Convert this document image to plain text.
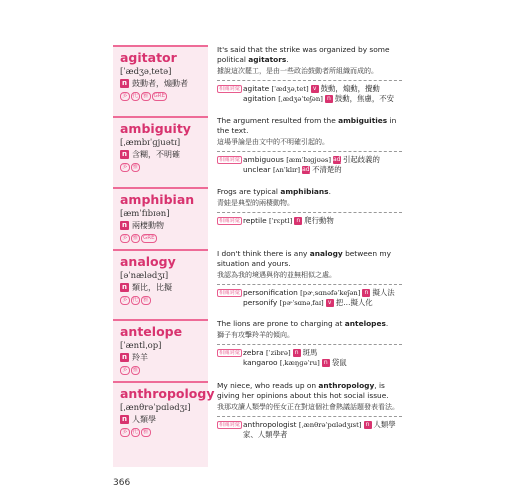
agitator
[ˈædʒəˌtetə]
n 鼓動者，煽動者
多 托 雅 GRE
It's said that the strike was organized by some political agitators.
據說這次罷工，是由一些政治鼓動者所組織而成的。
相關詞彙 agitate [ˈædʒəˌtet] v 鼓動，煽動，攪動
agitation [ˌædʒəˈteʃən] n 鼓動，焦慮，不安
ambiguity
[ˌæmbɪˈɡjuətɪ]
n 含糊，不明確
多 雅
The argument resulted from the ambiguities in the text.
這場爭論是由文中的不明確引起的。
相關詞彙 ambiguous [æmˈbɪɡjʊəs] adj引起歧義的
unclear [ʌnˈklɪr] adj不清楚的
amphibian
[æmˈfɪbɪən]
n 兩棲動物
多 雅 GRE
Frogs are typical amphibians.
青蛙是典型的兩棲動物。
相關詞彙 reptile [ˈrɛptl] n 爬行動物
analogy
[əˈnælədʒɪ]
n 類比，比擬
多 托 雅
I don't think there is any analogy between my situation and yours.
我認為我的境遇與你的並無相似之處。
相關詞彙 personification [pɚˌsɑnəfəˈkeʃən] n 擬人法
personify [pɚˈsɑnəˌfaɪ] v 把…擬人化
antelope
[ˈæntlˌop]
n 羚羊
多 雅
The lions are prone to charging at antelopes.
獅子有攻擊羚羊的傾向。
相關詞彙 zebra [ˈzibrə] n 斑馬
kangaroo [ˌkæŋɡəˈru] n 袋鼠
anthropology
[ˌænθrəˈpɑlədʒɪ]
n 人類學
多 托 雅
My niece, who reads up on anthropology, is giving her opinions about this hot social issue.
我那攻讀人類學的侄女正在對這個社會熱議話題發表看法。
相關詞彙 anthropologist [ˌænθrəˈpɑlədʒɪst] n 人類學家、人類學者
366
